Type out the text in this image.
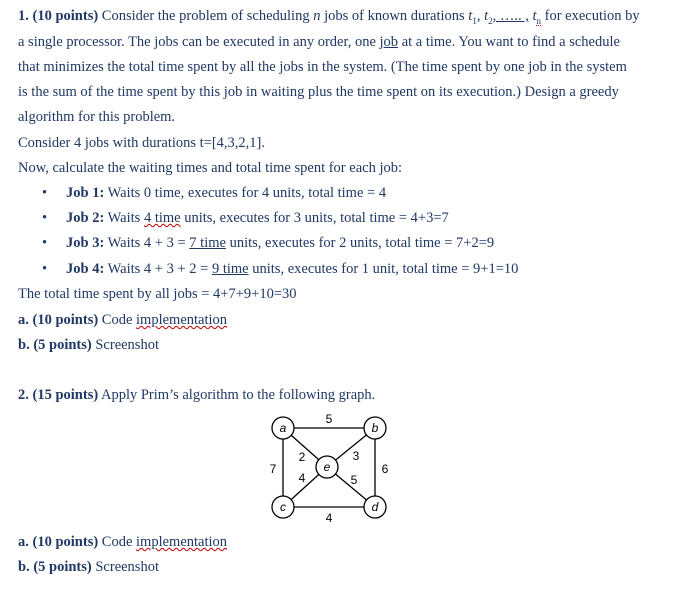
1. (10 points) Consider the problem of scheduling n jobs of known durations $t_1$, $t_2$, ….. , $t_n$ for execution by
a single processor. The jobs can be executed in any order, one job at a time. You want to find a schedule
that minimizes the total time spent by all the jobs in the system. (The time spent by one job in the system
is the sum of the time spent by this job in waiting plus the time spent on its execution.) Design a greedy
algorithm for this problem.
Consider 4 jobs with durations t=[4,3,2,1].
Now, calculate the waiting times and total time spent for each job:
• Job 1: Waits 0 time, executes for 4 units, total time = 4
• Job 2: Waits 4 time units, executes for 3 units, total time = 4+3=7
• Job 3: Waits 4 + 3 = 7 time units, executes for 2 units, total time = 7+2=9
• Job 4: Waits 4 + 3 + 2 = 9 time units, executes for 1 unit, total time = 9+1=10
The total time spent by all jobs = 4+7+9+10=30
a. (10 points) Code implementation
b. (5 points) Screenshot
2. (15 points) Apply Prim’s algorithm to the following graph.
a	b
c	d
e
5
7	6
4
2	3
4	5
a. (10 points) Code implementation
b. (5 points) Screenshot
